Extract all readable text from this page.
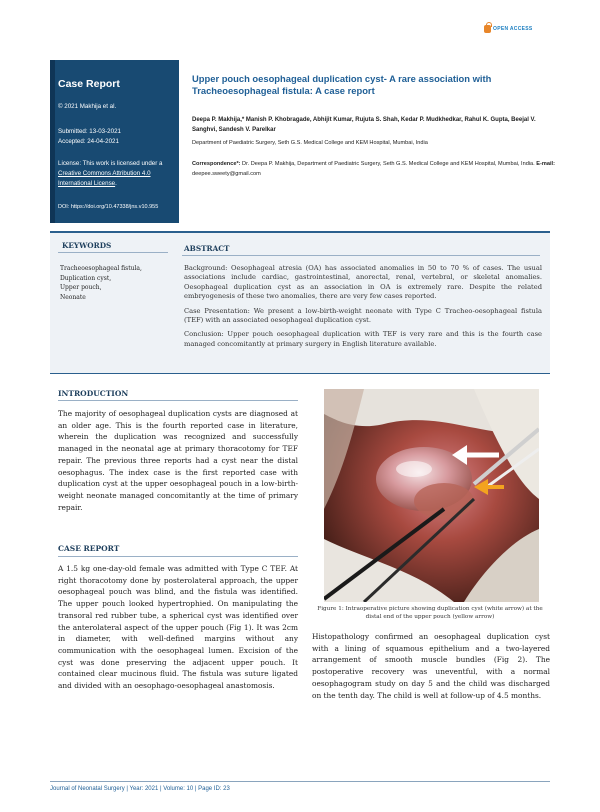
OPEN ACCESS
Case Report
© 2021 Makhija et al.
Submitted: 13-03-2021
Accepted: 24-04-2021
License: This work is licensed under a Creative Commons Attribution 4.0 International License.
DOI: https://doi.org/10.47338/jns.v10.955
Upper pouch oesophageal duplication cyst- A rare association with Tracheoesophageal fistula: A case report
Deepa P. Makhija,* Manish P. Khobragade, Abhijit Kumar, Rujuta S. Shah, Kedar P. Mudkhedkar, Rahul K. Gupta, Beejal V. Sanghvi, Sandesh V. Parelkar
Department of Paediatric Surgery, Seth G.S. Medical College and KEM Hospital, Mumbai, India
Correspondence*: Dr. Deepa P. Makhija, Department of Paediatric Surgery, Seth G.S. Medical College and KEM Hospital, Mumbai, India. E-mail: deepee.sweety@gmail.com
KEYWORDS
Tracheoesophageal fistula,
Duplication cyst,
Upper pouch,
Neonate
ABSTRACT

Background: Oesophageal atresia (OA) has associated anomalies in 50 to 70 % of cases. The usual associations include cardiac, gastrointestinal, anorectal, renal, vertebral, or skeletal anomalies. Oesophageal duplication cyst as an association in OA is extremely rare. Despite the related embryogenesis of these two anomalies, there are very few cases reported.

Case Presentation: We present a low-birth-weight neonate with Type C Tracheo-oesophageal fistula (TEF) with an associated oesophageal duplication cyst.

Conclusion: Upper pouch oesophageal duplication with TEF is very rare and this is the fourth case managed concomitantly at primary surgery in English literature available.

INTRODUCTION
The majority of oesophageal duplication cysts are diagnosed at an older age. This is the fourth reported case in literature, wherein the duplication was recognized and successfully managed in the neonatal age at primary thoracotomy for TEF repair. The previous three reports had a cyst near the distal oesophagus. The index case is the first reported case with duplication cyst at the upper oesophageal pouch in a low-birth-weight neonate managed concomitantly at the time of primary repair.
CASE REPORT
A 1.5 kg one-day-old female was admitted with Type C TEF. At right thoracotomy done by posterolateral approach, the upper oesophageal pouch was blind, and the fistula was identified. The upper pouch looked hypertrophied. On manipulating the transoral red rubber tube, a spherical cyst was identified over the anterolateral aspect of the upper pouch (Fig 1). It was 2cm in diameter, with well-defined margins without any communication with the oesophageal lumen. Excision of the cyst was done preserving the adjacent upper pouch. It contained clear mucinous fluid. The fistula was suture ligated and divided with an oesophago-oesophageal anastomosis.
Figure 1: Intraoperative picture showing duplication cyst (white arrow) at the distal end of the upper pouch (yellow arrow)
Histopathology confirmed an oesophageal duplication cyst with a lining of squamous epithelium and a two-layered arrangement of smooth muscle bundles (Fig 2). The postoperative recovery was uneventful, with a normal oesophagogram study on day 5 and the child was discharged on the tenth day. The child is well at follow-up of 4.5 months.
Journal of Neonatal Surgery | Year: 2021 | Volume: 10 | Page ID: 23
